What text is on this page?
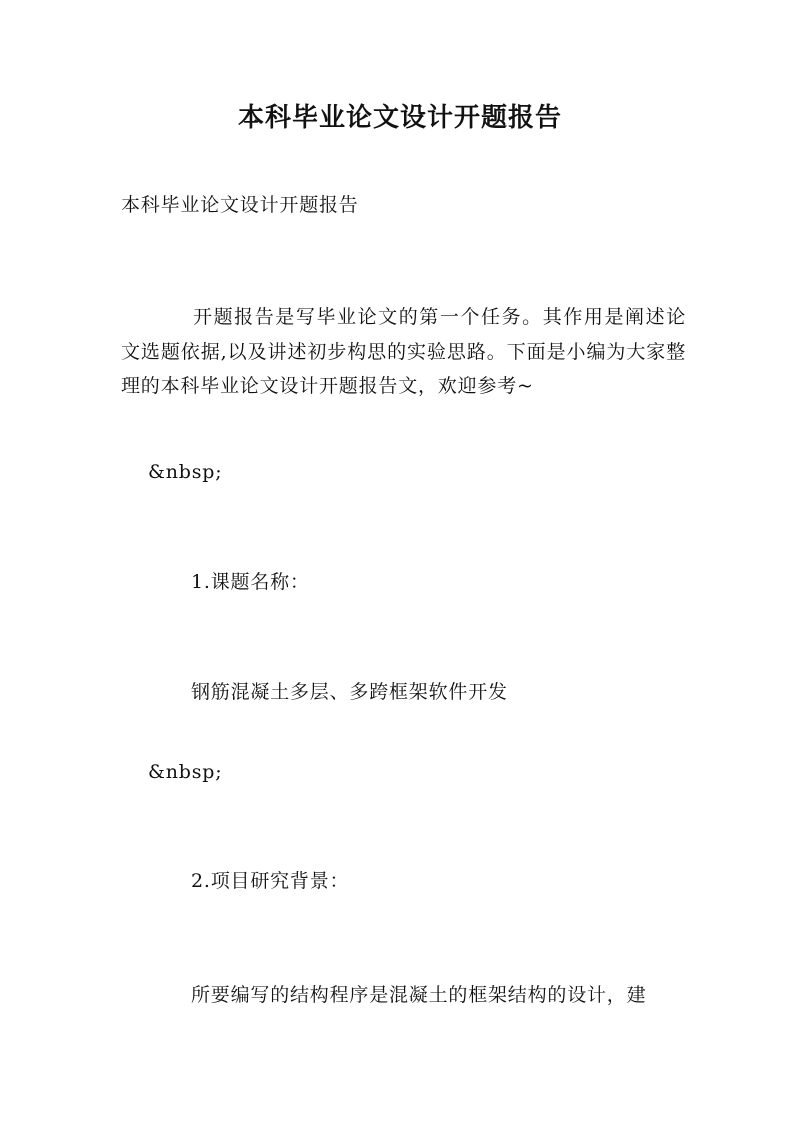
本科毕业论文设计开题报告
本科毕业论文设计开题报告
开题报告是写毕业论文的第一个任务。其作用是阐述论文选题依据,以及讲述初步构思的实验思路。下面是小编为大家整理的本科毕业论文设计开题报告文，欢迎参考~
&nbsp;
1.课题名称：
钢筋混凝土多层、多跨框架软件开发
&nbsp;
2.项目研究背景：
所要编写的结构程序是混凝土的框架结构的设计，建
